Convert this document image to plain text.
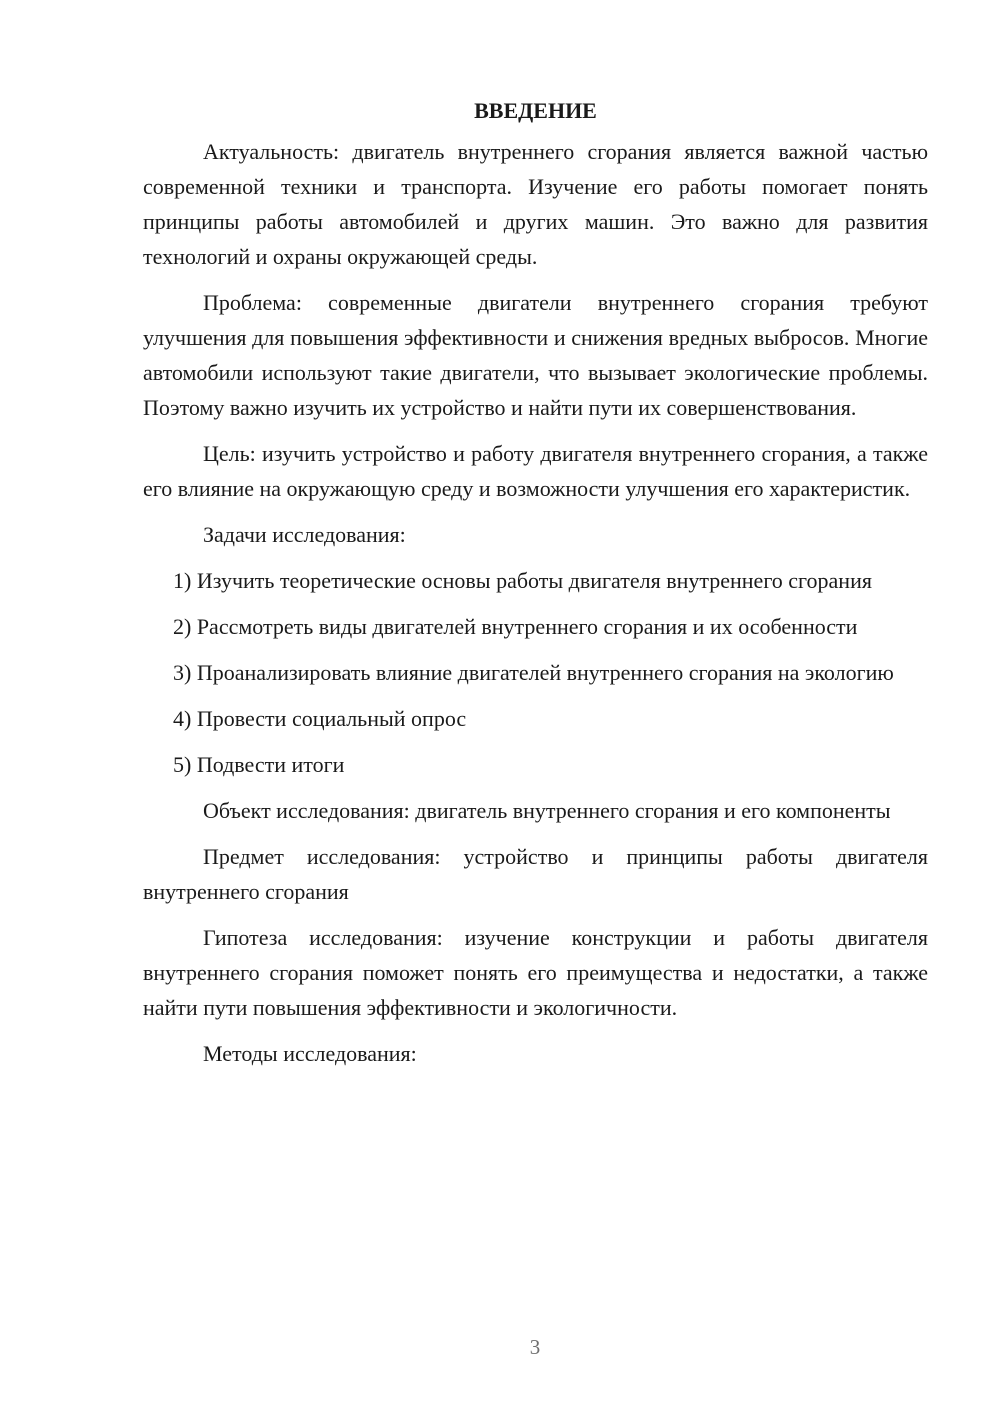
ВВЕДЕНИЕ

Актуальность: двигатель внутреннего сгорания является важной частью современной техники и транспорта. Изучение его работы помогает понять принципы работы автомобилей и других машин. Это важно для развития технологий и охраны окружающей среды.

Проблема: современные двигатели внутреннего сгорания требуют улучшения для повышения эффективности и снижения вредных выбросов. Многие автомобили используют такие двигатели, что вызывает экологические проблемы. Поэтому важно изучить их устройство и найти пути их совершенствования.

Цель: изучить устройство и работу двигателя внутреннего сгорания, а также его влияние на окружающую среду и возможности улучшения его характеристик.

Задачи исследования:

1) Изучить теоретические основы работы двигателя внутреннего сгорания

2) Рассмотреть виды двигателей внутреннего сгорания и их особенности

3) Проанализировать влияние двигателей внутреннего сгорания на экологию

4) Провести социальный опрос

5) Подвести итоги

Объект исследования: двигатель внутреннего сгорания и его компоненты

Предмет исследования: устройство и принципы работы двигателя внутреннего сгорания

Гипотеза исследования: изучение конструкции и работы двигателя внутреннего сгорания поможет понять его преимущества и недостатки, а также найти пути повышения эффективности и экологичности.

Методы исследования:

3
